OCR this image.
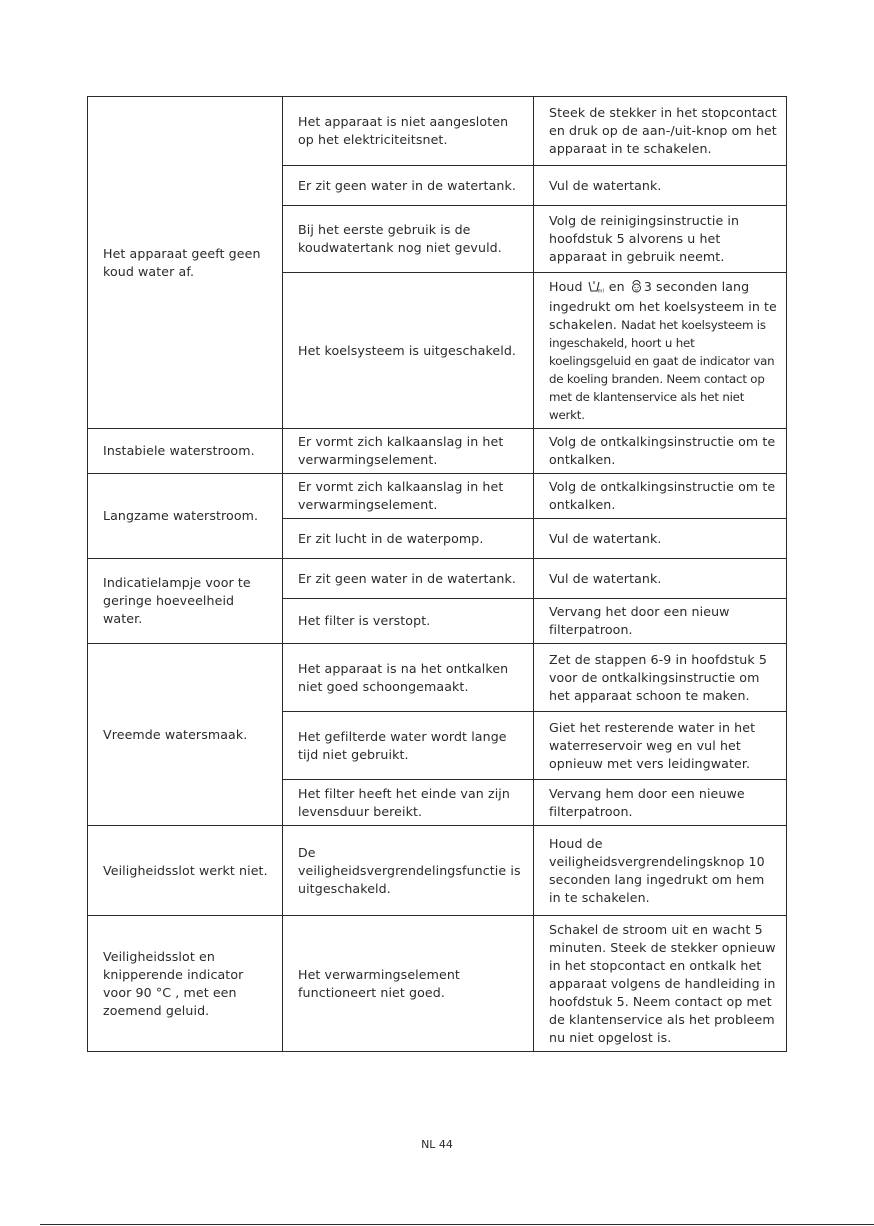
Het apparaat geeft geen koud water af.	Het apparaat is niet aangesloten op het elektriciteitsnet.	Steek de stekker in het stopcontact en druk op de aan-/uit-knop om het apparaat in te schakelen.
	Er zit geen water in de watertank.	Vul de watertank.
	Bij het eerste gebruik is de koudwatertank nog niet gevuld.	Volg de reinigingsinstructie in hoofdstuk 5 alvorens u het apparaat in gebruik neemt.
	Het koelsysteem is uitgeschakeld.	Houd ml en 3 seconden lang ingedrukt om het koelsysteem in te schakelen. Nadat het koelsysteem is ingeschakeld, hoort u het koelingsgeluid en gaat de indicator van de koeling branden. Neem contact op met de klantenservice als het niet werkt.
Instabiele waterstroom.	Er vormt zich kalkaanslag in het verwarmingselement.	Volg de ontkalkingsinstructie om te ontkalken.
Langzame waterstroom.	Er vormt zich kalkaanslag in het verwarmingselement.	Volg de ontkalkingsinstructie om te ontkalken.
	Er zit lucht in de waterpomp.	Vul de watertank.
Indicatielampje voor te geringe hoeveelheid water.	Er zit geen water in de watertank.	Vul de watertank.
	Het filter is verstopt.	Vervang het door een nieuw filterpatroon.
Vreemde watersmaak.	Het apparaat is na het ontkalken niet goed schoongemaakt.	Zet de stappen 6-9 in hoofdstuk 5 voor de ontkalkingsinstructie om het apparaat schoon te maken.
	Het gefilterde water wordt lange tijd niet gebruikt.	Giet het resterende water in het waterreservoir weg en vul het opnieuw met vers leidingwater.
	Het filter heeft het einde van zijn levensduur bereikt.	Vervang hem door een nieuwe filterpatroon.
Veiligheidsslot werkt niet.	De veiligheidsvergrendelingsfunctie is uitgeschakeld.	Houd de veiligheidsvergrendelingsknop 10 seconden lang ingedrukt om hem in te schakelen.
Veiligheidsslot en knipperende indicator voor 90 °C , met een zoemend geluid.	Het verwarmingselement functioneert niet goed.	Schakel de stroom uit en wacht 5 minuten. Steek de stekker opnieuw in het stopcontact en ontkalk het apparaat volgens de handleiding in hoofdstuk 5. Neem contact op met de klantenservice als het probleem nu niet opgelost is.
NL 44
